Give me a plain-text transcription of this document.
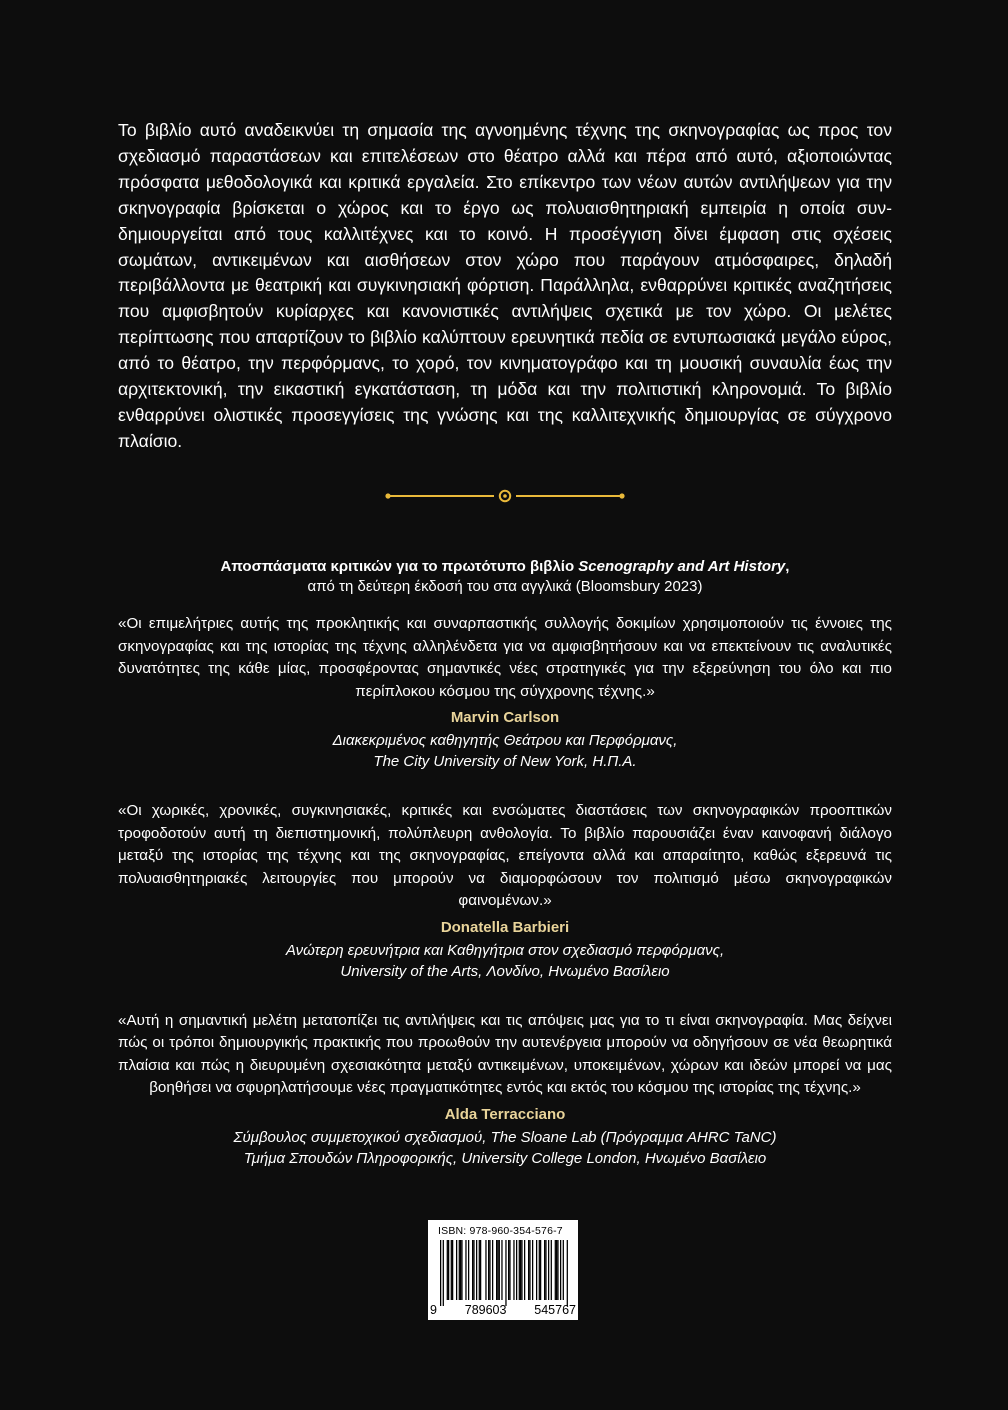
Το βιβλίο αυτό αναδεικνύει τη σημασία της αγνοημένης τέχνης της σκηνογραφίας ως προς τον σχεδιασμό παραστάσεων και επιτελέσεων στο θέατρο αλλά και πέρα από αυτό, αξιοποιώντας πρόσφατα μεθοδολογικά και κριτικά εργαλεία. Στο επίκεντρο των νέων αυτών αντιλήψεων για την σκηνογραφία βρίσκεται ο χώρος και το έργο ως πολυαισθητηριακή εμπειρία η οποία συν-δημιουργείται από τους καλλιτέχνες και το κοινό. Η προσέγγιση δίνει έμφαση στις σχέσεις σωμάτων, αντικειμένων και αισθήσεων στον χώρο που παράγουν ατμόσφαιρες, δηλαδή περιβάλλοντα με θεατρική και συγκινησιακή φόρτιση. Παράλληλα, ενθαρρύνει κριτικές αναζητήσεις που αμφισβητούν κυρίαρχες και κανονιστικές αντιλήψεις σχετικά με τον χώρο. Οι μελέτες περίπτωσης που απαρτίζουν το βιβλίο καλύπτουν ερευνητικά πεδία σε εντυπωσιακά μεγάλο εύρος, από το θέατρο, την περφόρμανς, το χορό, τον κινηματογράφο και τη μουσική συναυλία έως την αρχιτεκτονική, την εικαστική εγκατάσταση, τη μόδα και την πολιτιστική κληρονομιά. Το βιβλίο ενθαρρύνει ολιστικές προσεγγίσεις της γνώσης και της καλλιτεχνικής δημιουργίας σε σύγχρονο πλαίσιο.

Αποσπάσματα κριτικών για το πρωτότυπο βιβλίο Scenography and Art History,

από τη δεύτερη έκδοσή του στα αγγλικά (Bloomsbury 2023)

«Οι επιμελήτριες αυτής της προκλητικής και συναρπαστικής συλλογής δοκιμίων χρησιμοποιούν τις έννοιες της σκηνογραφίας και της ιστορίας της τέχνης αλληλένδετα για να αμφισβητήσουν και να επεκτείνουν τις αναλυτικές δυνατότητες της κάθε μίας, προσφέροντας σημαντικές νέες στρατηγικές για την εξερεύνηση του όλο και πιο περίπλοκου κόσμου της σύγχρονης τέχνης.»

Marvin Carlson

Διακεκριμένος καθηγητής Θεάτρου και Περφόρμανς,

The City University of New York, Η.Π.Α.

«Οι χωρικές, χρονικές, συγκινησιακές, κριτικές και ενσώματες διαστάσεις των σκηνογραφικών προοπτικών τροφοδοτούν αυτή τη διεπιστημονική, πολύπλευρη ανθολογία. Το βιβλίο παρουσιάζει έναν καινοφανή διάλογο μεταξύ της ιστορίας της τέχνης και της σκηνογραφίας, επείγοντα αλλά και απαραίτητο, καθώς εξερευνά τις πολυαισθητηριακές λειτουργίες που μπορούν να διαμορφώσουν τον πολιτισμό μέσω σκηνογραφικών φαινομένων.»

Donatella Barbieri

Ανώτερη ερευνήτρια και Καθηγήτρια στον σχεδιασμό περφόρμανς,

University of the Arts, Λονδίνο, Ηνωμένο Βασίλειο

«Αυτή η σημαντική μελέτη μετατοπίζει τις αντιλήψεις και τις απόψεις μας για το τι είναι σκηνογραφία. Μας δείχνει πώς οι τρόποι δημιουργικής πρακτικής που προωθούν την αυτενέργεια μπορούν να οδηγήσουν σε νέα θεωρητικά πλαίσια και πώς η διευρυμένη σχεσιακότητα μεταξύ αντικειμένων, υποκειμένων, χώρων και ιδεών μπορεί να μας βοηθήσει να σφυρηλατήσουμε νέες πραγματικότητες εντός και εκτός του κόσμου της ιστορίας της τέχνης.»

Alda Terracciano

Σύμβουλος συμμετοχικού σχεδιασμού, The Sloane Lab (Πρόγραμμα AHRC TaNC)

Τμήμα Σπουδών Πληροφορικής, University College London, Ηνωμένο Βασίλειο

ISBN: 978-960-354-576-7
9 789603 545767
